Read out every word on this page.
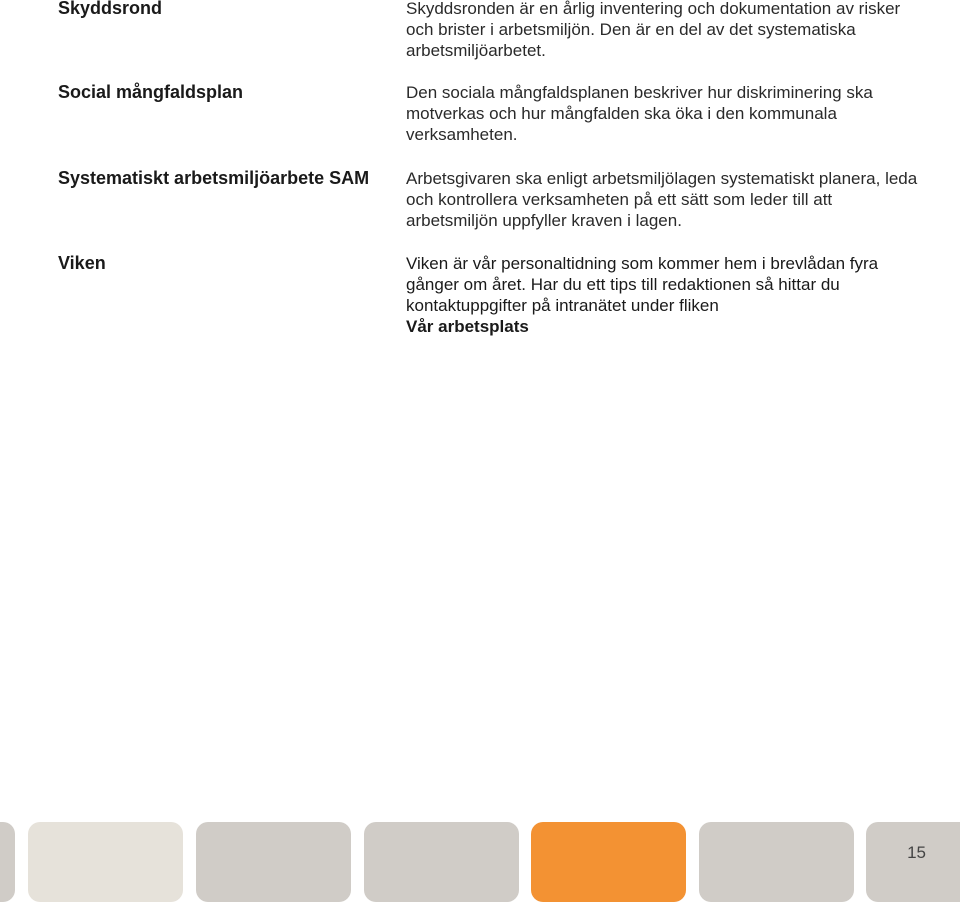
Skyddsrond	Skyddsronden är en årlig inventering och dokumentation av risker och brister i arbetsmiljön. Den är en del av det systematiska arbetsmiljöarbetet.
Social mångfaldsplan	Den sociala mångfaldsplanen beskriver hur diskriminering ska motverkas och hur mångfalden ska öka i den kommunala verksamheten.
Systematiskt arbetsmiljöarbete SAM	Arbetsgivaren ska enligt arbetsmiljölagen systematiskt planera, leda och kontrollera verksamheten på ett sätt som leder till att arbetsmiljön uppfyller kraven i lagen.
Viken	Viken är vår personaltidning som kommer hem i brevlådan fyra gånger om året. Har du ett tips till redaktionen så hittar du kontaktuppgifter på intranätet under fliken
Vår arbetsplats
15
